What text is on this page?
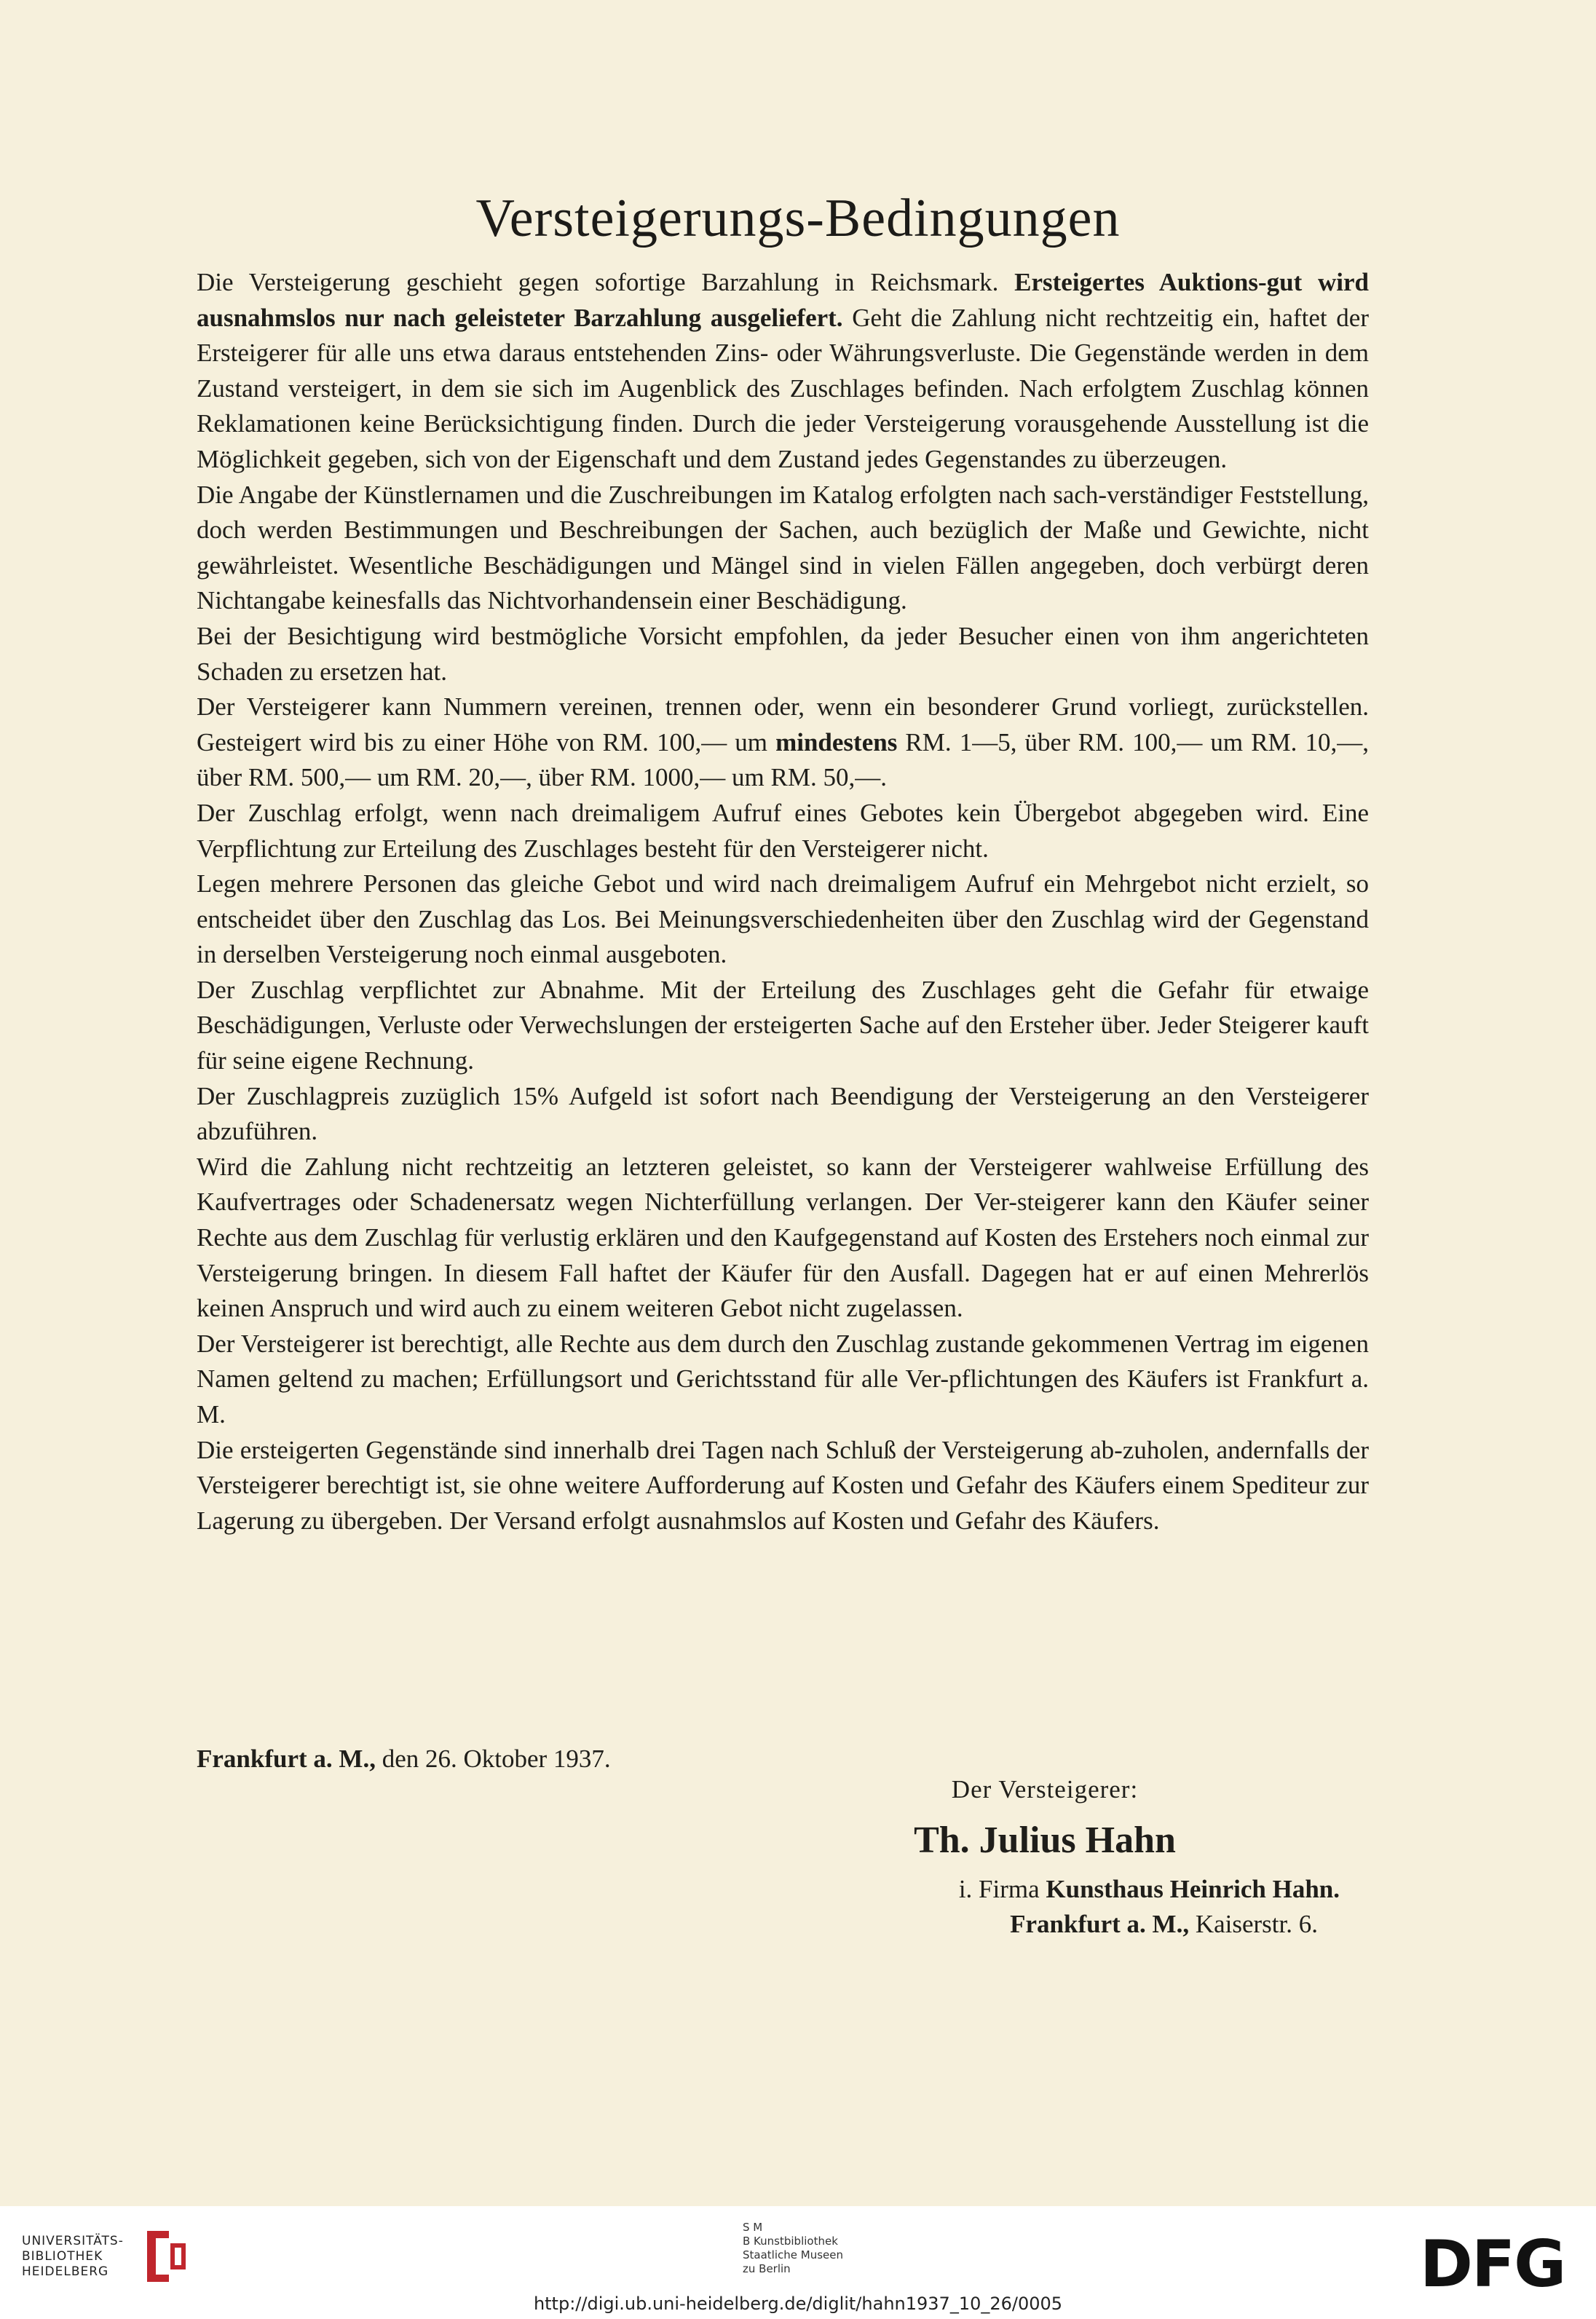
Versteigerungs-Bedingungen

Die Versteigerung geschieht gegen sofortige Barzahlung in Reichsmark. Ersteigertes Auktions-gut wird ausnahmslos nur nach geleisteter Barzahlung ausgeliefert. Geht die Zahlung nicht rechtzeitig ein, haftet der Ersteigerer für alle uns etwa daraus entstehenden Zins- oder Währungsverluste. Die Gegenstände werden in dem Zustand versteigert, in dem sie sich im Augenblick des Zuschlages befinden. Nach erfolgtem Zuschlag können Reklamationen keine Berücksichtigung finden. Durch die jeder Versteigerung vorausgehende Ausstellung ist die Möglichkeit gegeben, sich von der Eigenschaft und dem Zustand jedes Gegenstandes zu überzeugen.

Die Angabe der Künstlernamen und die Zuschreibungen im Katalog erfolgten nach sach-verständiger Feststellung, doch werden Bestimmungen und Beschreibungen der Sachen, auch bezüglich der Maße und Gewichte, nicht gewährleistet. Wesentliche Beschädigungen und Mängel sind in vielen Fällen angegeben, doch verbürgt deren Nichtangabe keinesfalls das Nichtvorhandensein einer Beschädigung.

Bei der Besichtigung wird bestmögliche Vorsicht empfohlen, da jeder Besucher einen von ihm angerichteten Schaden zu ersetzen hat.

Der Versteigerer kann Nummern vereinen, trennen oder, wenn ein besonderer Grund vorliegt, zurückstellen. Gesteigert wird bis zu einer Höhe von RM. 100,— um mindestens RM. 1—5, über RM. 100,— um RM. 10,—, über RM. 500,— um RM. 20,—, über RM. 1000,— um RM. 50,—.

Der Zuschlag erfolgt, wenn nach dreimaligem Aufruf eines Gebotes kein Übergebot abgegeben wird. Eine Verpflichtung zur Erteilung des Zuschlages besteht für den Versteigerer nicht.

Legen mehrere Personen das gleiche Gebot und wird nach dreimaligem Aufruf ein Mehrgebot nicht erzielt, so entscheidet über den Zuschlag das Los. Bei Meinungsverschiedenheiten über den Zuschlag wird der Gegenstand in derselben Versteigerung noch einmal ausgeboten.

Der Zuschlag verpflichtet zur Abnahme. Mit der Erteilung des Zuschlages geht die Gefahr für etwaige Beschädigungen, Verluste oder Verwechslungen der ersteigerten Sache auf den Ersteher über. Jeder Steigerer kauft für seine eigene Rechnung.

Der Zuschlagpreis zuzüglich 15% Aufgeld ist sofort nach Beendigung der Versteigerung an den Versteigerer abzuführen.

Wird die Zahlung nicht rechtzeitig an letzteren geleistet, so kann der Versteigerer wahlweise Erfüllung des Kaufvertrages oder Schadenersatz wegen Nichterfüllung verlangen. Der Ver-steigerer kann den Käufer seiner Rechte aus dem Zuschlag für verlustig erklären und den Kaufgegenstand auf Kosten des Erstehers noch einmal zur Versteigerung bringen. In diesem Fall haftet der Käufer für den Ausfall. Dagegen hat er auf einen Mehrerlös keinen Anspruch und wird auch zu einem weiteren Gebot nicht zugelassen.

Der Versteigerer ist berechtigt, alle Rechte aus dem durch den Zuschlag zustande gekommenen Vertrag im eigenen Namen geltend zu machen; Erfüllungsort und Gerichtsstand für alle Ver-pflichtungen des Käufers ist Frankfurt a. M.

Die ersteigerten Gegenstände sind innerhalb drei Tagen nach Schluß der Versteigerung ab-zuholen, andernfalls der Versteigerer berechtigt ist, sie ohne weitere Aufforderung auf Kosten und Gefahr des Käufers einem Spediteur zur Lagerung zu übergeben. Der Versand erfolgt ausnahmslos auf Kosten und Gefahr des Käufers.

Frankfurt a. M., den 26. Oktober 1937.
Der Versteigerer:
Th. Julius Hahn
i. Firma Kunsthaus Heinrich Hahn.
Frankfurt a. M., Kaiserstr. 6.
UNIVERSITÄTS-
BIBLIOTHEK
HEIDELBERG
S M
B Kunstbibliothek
Staatliche Museen
zu Berlin	DFG
http://digi.ub.uni-heidelberg.de/diglit/hahn1937_10_26/0005
